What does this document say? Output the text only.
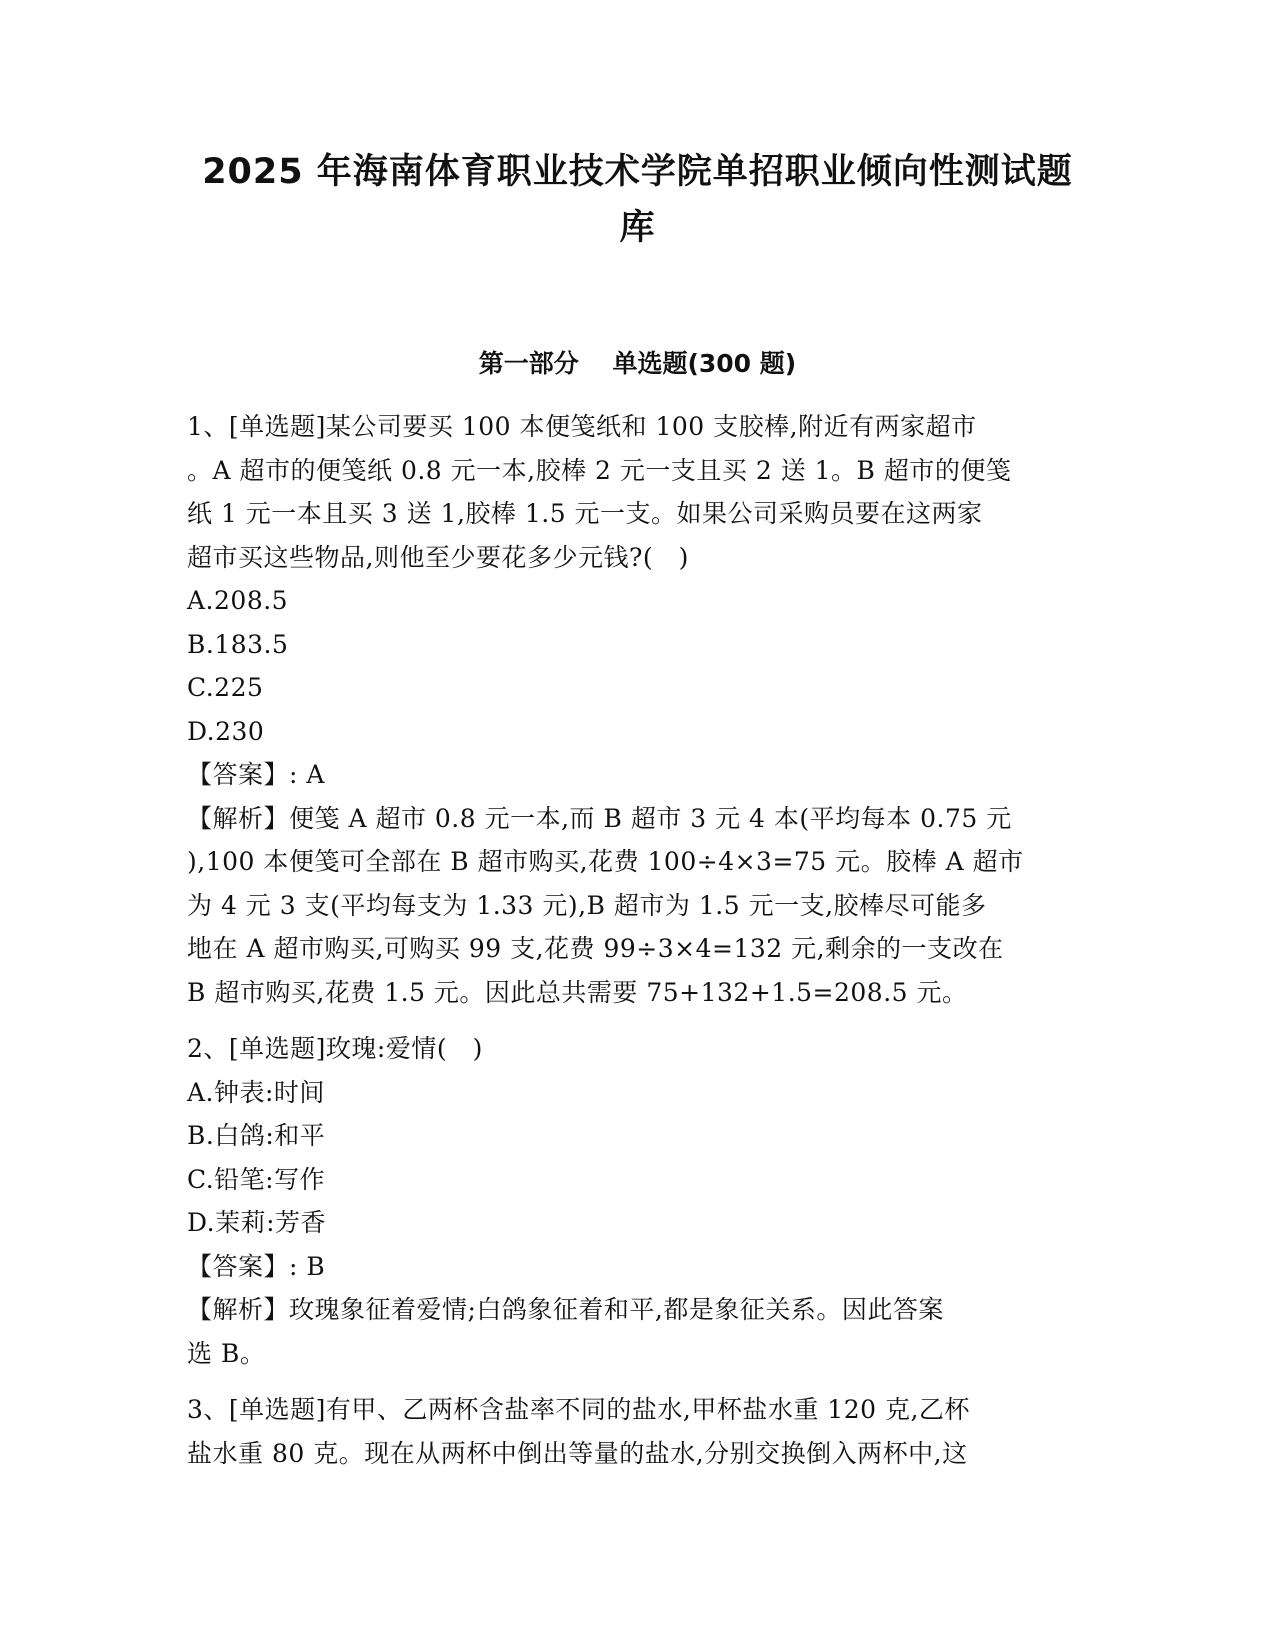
2025 年海南体育职业技术学院单招职业倾向性测试题
库
第一部分　 单选题(300 题)

1、[单选题]某公司要买 100 本便笺纸和 100 支胶棒,附近有两家超市

。A 超市的便笺纸 0.8 元一本,胶棒 2 元一支且买 2 送 1。B 超市的便笺

纸 1 元一本且买 3 送 1,胶棒 1.5 元一支。如果公司采购员要在这两家

超市买这些物品,则他至少要花多少元钱?(　)

A.208.5

B.183.5

C.225

D.230

【答案】: A

【解析】便笺 A 超市 0.8 元一本,而 B 超市 3 元 4 本(平均每本 0.75 元

),100 本便笺可全部在 B 超市购买,花费 100÷4×3=75 元。胶棒 A 超市

为 4 元 3 支(平均每支为 1.33 元),B 超市为 1.5 元一支,胶棒尽可能多

地在 A 超市购买,可购买 99 支,花费 99÷3×4=132 元,剩余的一支改在

B 超市购买,花费 1.5 元。因此总共需要 75+132+1.5=208.5 元。

2、[单选题]玫瑰:爱情(　)

A.钟表:时间

B.白鸽:和平

C.铅笔:写作

D.茉莉:芳香

【答案】: B

【解析】玫瑰象征着爱情;白鸽象征着和平,都是象征关系。因此答案

选 B。

3、[单选题]有甲、乙两杯含盐率不同的盐水,甲杯盐水重 120 克,乙杯

盐水重 80 克。现在从两杯中倒出等量的盐水,分别交换倒入两杯中,这
